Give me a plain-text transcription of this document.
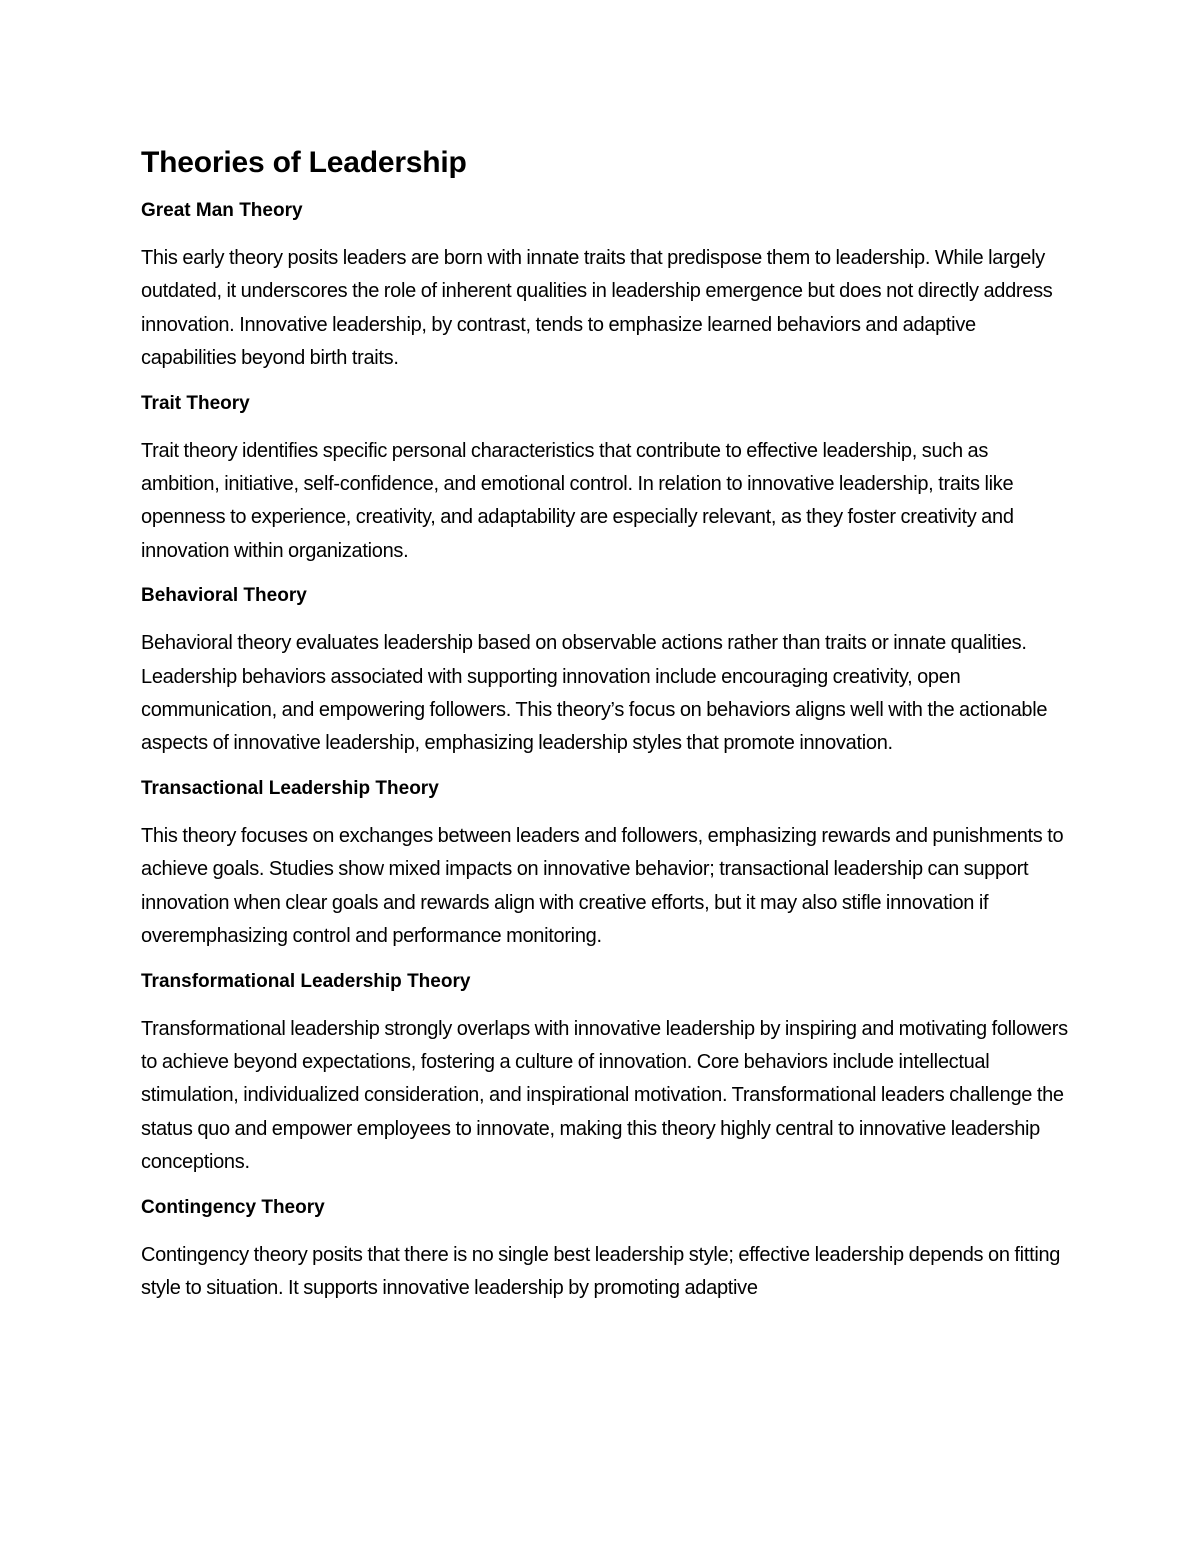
Theories of Leadership
Great Man Theory

This early theory posits leaders are born with innate traits that predispose them to leadership. While largely outdated, it underscores the role of inherent qualities in leadership emergence but does not directly address innovation. Innovative leadership, by contrast, tends to emphasize learned behaviors and adaptive capabilities beyond birth traits.

Trait Theory

Trait theory identifies specific personal characteristics that contribute to effective leadership, such as ambition, initiative, self-confidence, and emotional control. In relation to innovative leadership, traits like openness to experience, creativity, and adaptability are especially relevant, as they foster creativity and innovation within organizations.

Behavioral Theory

Behavioral theory evaluates leadership based on observable actions rather than traits or innate qualities. Leadership behaviors associated with supporting innovation include encouraging creativity, open communication, and empowering followers. This theory’s focus on behaviors aligns well with the actionable aspects of innovative leadership, emphasizing leadership styles that promote innovation.

Transactional Leadership Theory

This theory focuses on exchanges between leaders and followers, emphasizing rewards and punishments to achieve goals. Studies show mixed impacts on innovative behavior; transactional leadership can support innovation when clear goals and rewards align with creative efforts, but it may also stifle innovation if overemphasizing control and performance monitoring.

Transformational Leadership Theory

Transformational leadership strongly overlaps with innovative leadership by inspiring and motivating followers to achieve beyond expectations, fostering a culture of innovation. Core behaviors include intellectual stimulation, individualized consideration, and inspirational motivation. Transformational leaders challenge the status quo and empower employees to innovate, making this theory highly central to innovative leadership conceptions.

Contingency Theory

Contingency theory posits that there is no single best leadership style; effective leadership depends on fitting style to situation. It supports innovative leadership by promoting adaptive
